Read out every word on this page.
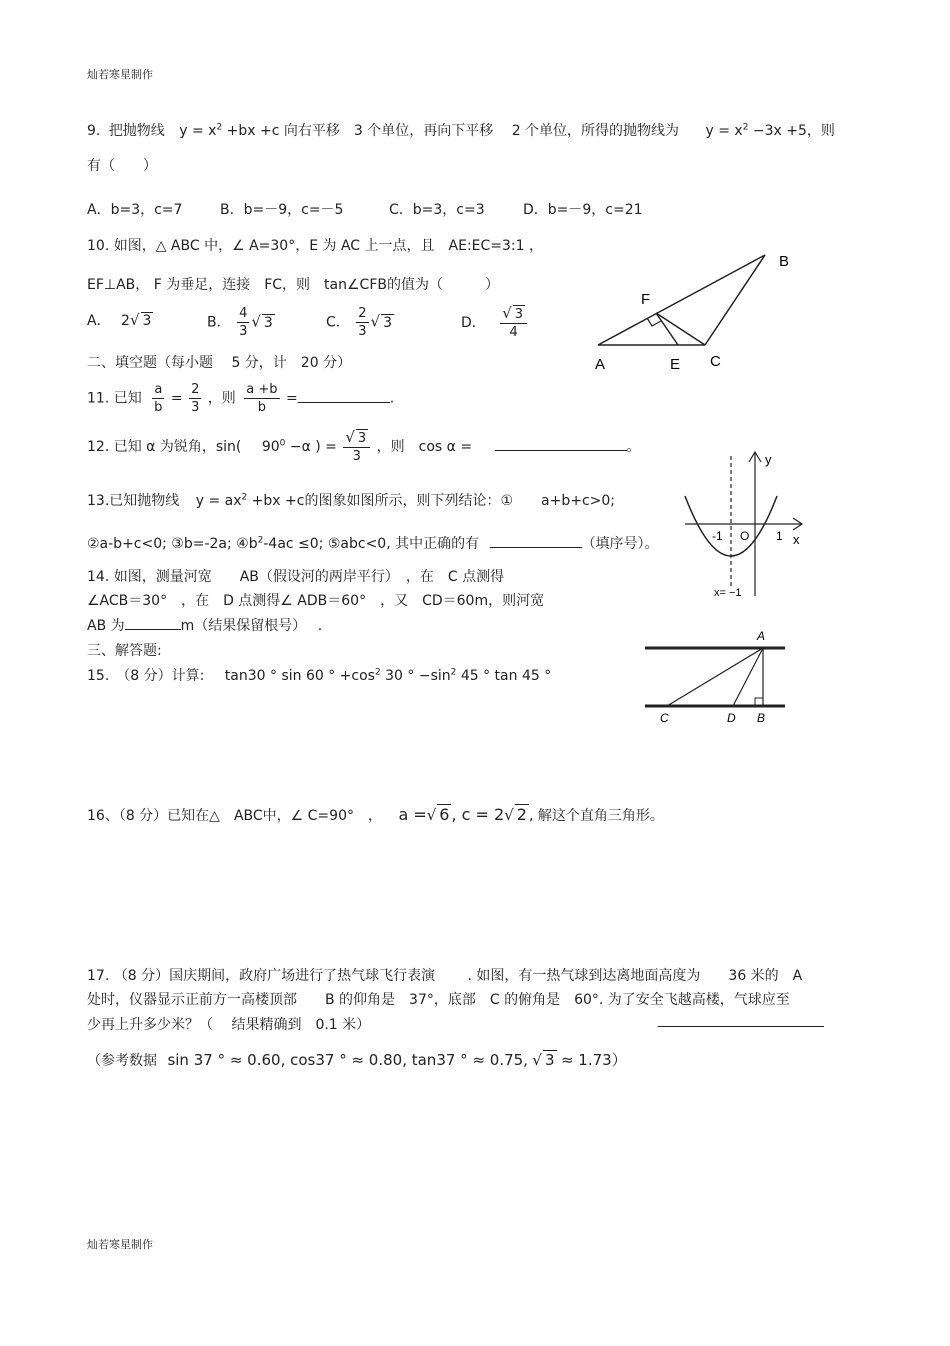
灿若寒星制作
9. 把抛物线 $y = x^2 +bx +c$ 向右平移　3 个单位，再向下平移　 2 个单位，所得的抛物线为 $y = x^2 -3x +5$，则
有（　　）
A．b=3，c=7	B．b=－9，c=－5	C．b=3，c=3	D．b=－9，c=21
10. 如图，△ ABC 中，∠ A=30°，E 为 AC 上一点，且　AE:EC=3:1 ，
EF⊥AB， F 为垂足，连接　FC，则　tan∠CFB的值为（　　　）
A． 2√ 3	B． $\frac{4}{3}$ √ 3	C． $\frac{2}{3}$ √ 3	D． $\frac{√ 3}{4}$
B
F
A	E C
二、填空题（每小题　 5 分，计　20 分）
11. 已知 $\frac{a}{b} = \frac{2}{3}$ ，则 $\frac{a +b}{b}$ =	.
12. 已知 α 为锐角，sin( $90^0 -\alpha$ ) = $\frac{√ 3}{3}$ ，则　cos α =	。
13.已知抛物线 $y = ax^2 +bx +c$的图象如图所示，则下列结论：①　　a+b+c>0;
②a-b+c<0; ③b=-2a; $④b^2-4ac \le 0$; ⑤abc<0, 其中正确的有	（填序号）。
y
x
-1 O 1
x= −1
14. 如图，测量河宽　　AB（假设河的两岸平行）　，在　C 点测得
∠ACB＝30°　，在　D 点测得∠ ADB＝60°　，又　CD＝60m，则河宽
AB 为	m（结果保留根号）　 .
三、解答题:
15.　（8 分）计算: tan30 ° sin 60 ° $+\cos^2$ 30 ° $-\sin^2$ 45 ° tan 45 °
A
C	D B
16、（8 分）已知在△　ABC中，∠ C=90°　， a =√ 6 , c = 2√ 2 , 解这个直角三角形。
17. （8 分）国庆期间，政府广场进行了热气球飞行表演　　 . 如图，有一热气球到达离地面高度为　　36 米的　A
处时，仪器显示正前方一高楼顶部　　B 的仰角是　37°，底部　C 的俯角是　60°. 为了安全飞越高楼，气球应至
少再上升多少米？（　 结果精确到　0.1 米）
（参考数据 sin 37 ° ≈ 0.60, cos37 ° ≈ 0.80, tan37 ° ≈ 0.75, √ 3 ≈ 1.73）
灿若寒星制作
